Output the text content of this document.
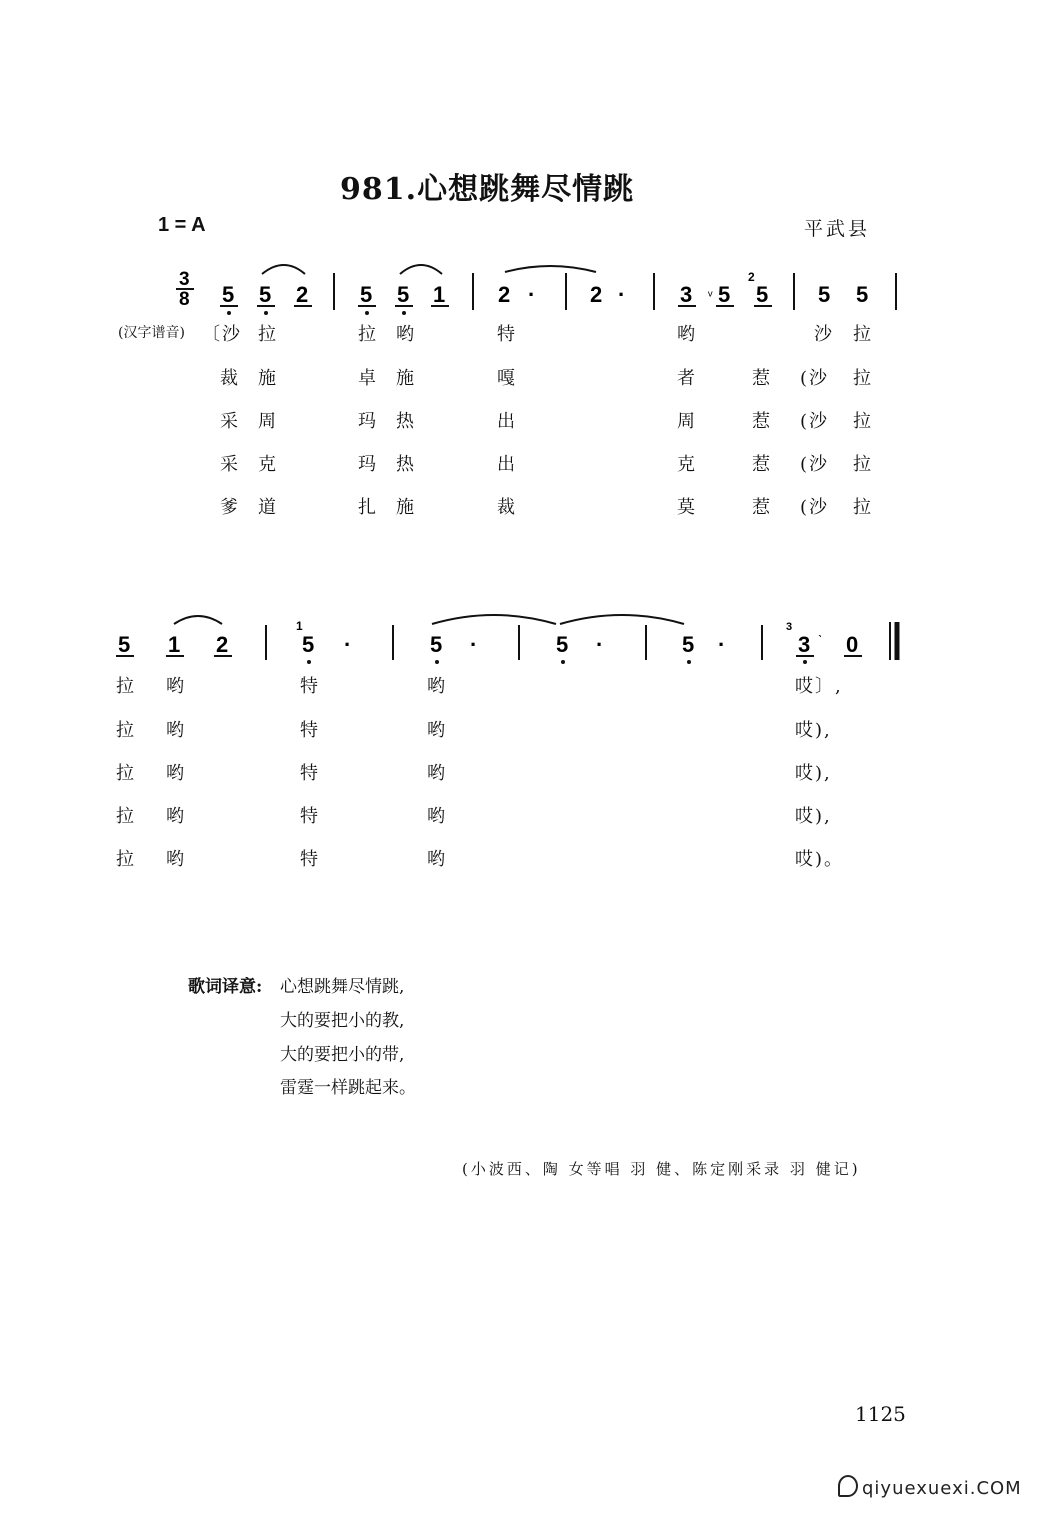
981.心想跳舞尽情跳
1 = A	平武县
3
8 5 5 2 5 5 1 2 · 2 · 3 5 5 5 5
2
ᵛ
5 1 2	5 ·	5 ·	5 ·	5 ·	3 0
1	3 ˎ
(汉字谱音) 〔沙 拉	拉 哟	特	哟	沙 拉
裁 施	卓 施	嘎	者	惹 (沙 拉
采 周	玛 热	出	周	惹 (沙 拉
采 克	玛 热	出	克	惹 (沙 拉
爹 道	扎 施	裁	莫	惹 (沙 拉
拉 哟	特	哟	哎〕,
拉 哟	特	哟	哎),
拉 哟	特	哟	哎),
拉 哟	特	哟	哎),
拉 哟	特	哟	哎)。
歌词译意: 心想跳舞尽情跳,
大的要把小的教,
大的要把小的带,
雷霆一样跳起来。
(小波西、陶 女等唱 羽 健、陈定刚采录 羽 健记)
1125
qiyuexuexi.COM
